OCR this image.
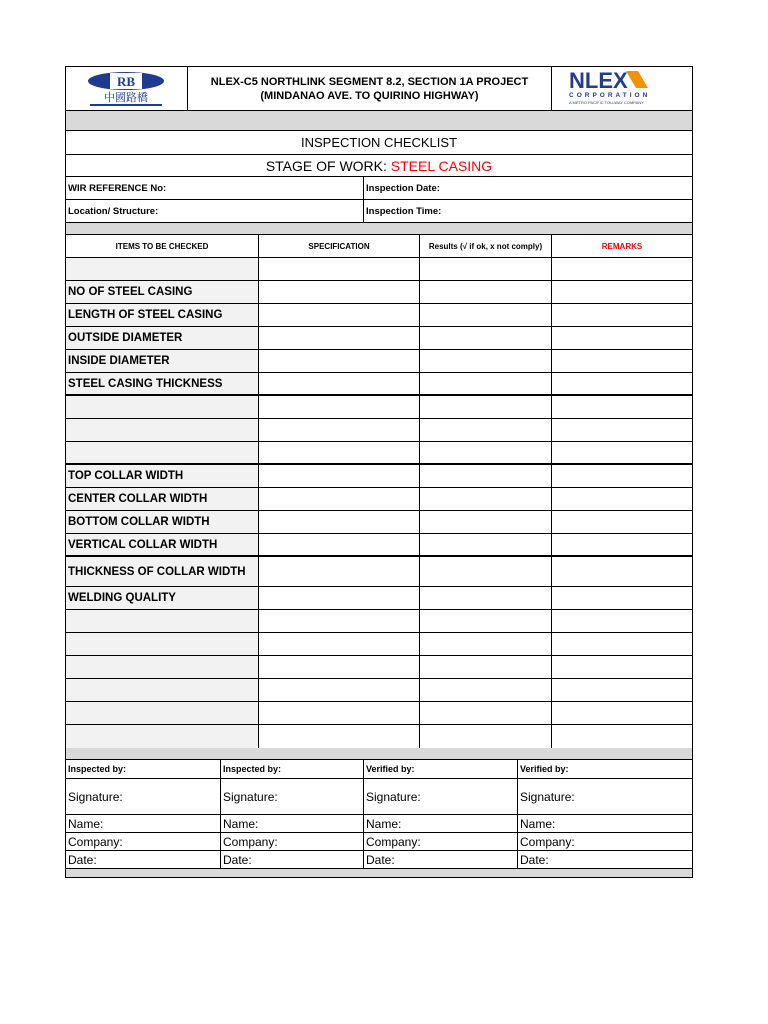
RB
中國路橋
NLEX-C5 NORTHLINK SEGMENT 8.2, SECTION 1A PROJECT
(MINDANAO AVE. TO QUIRINO HIGHWAY)
NLEX
CORPORATION
A METRO PACIFIC TOLLWAY COMPANY
INSPECTION CHECKLIST
STAGE OF WORK:
STEEL CASING
WIR REFERENCE No:	Inspection Date:
Location/ Structure:	Inspection Time:
ITEMS TO BE CHECKED	SPECIFICATION	Results (√ if ok, x not comply)	REMARKS
NO OF STEEL CASING
LENGTH OF STEEL CASING
OUTSIDE DIAMETER
INSIDE DIAMETER
STEEL CASING THICKNESS
TOP COLLAR WIDTH
CENTER COLLAR WIDTH
BOTTOM COLLAR WIDTH
VERTICAL COLLAR WIDTH
THICKNESS OF COLLAR WIDTH
WELDING QUALITY
Inspected by:	Inspected by:	Verified by:	Verified by:
Signature:	Signature:	Signature:	Signature:
Name:	Name:	Name:	Name:
Company:	Company:	Company:	Company:
Date:	Date:	Date:	Date:
